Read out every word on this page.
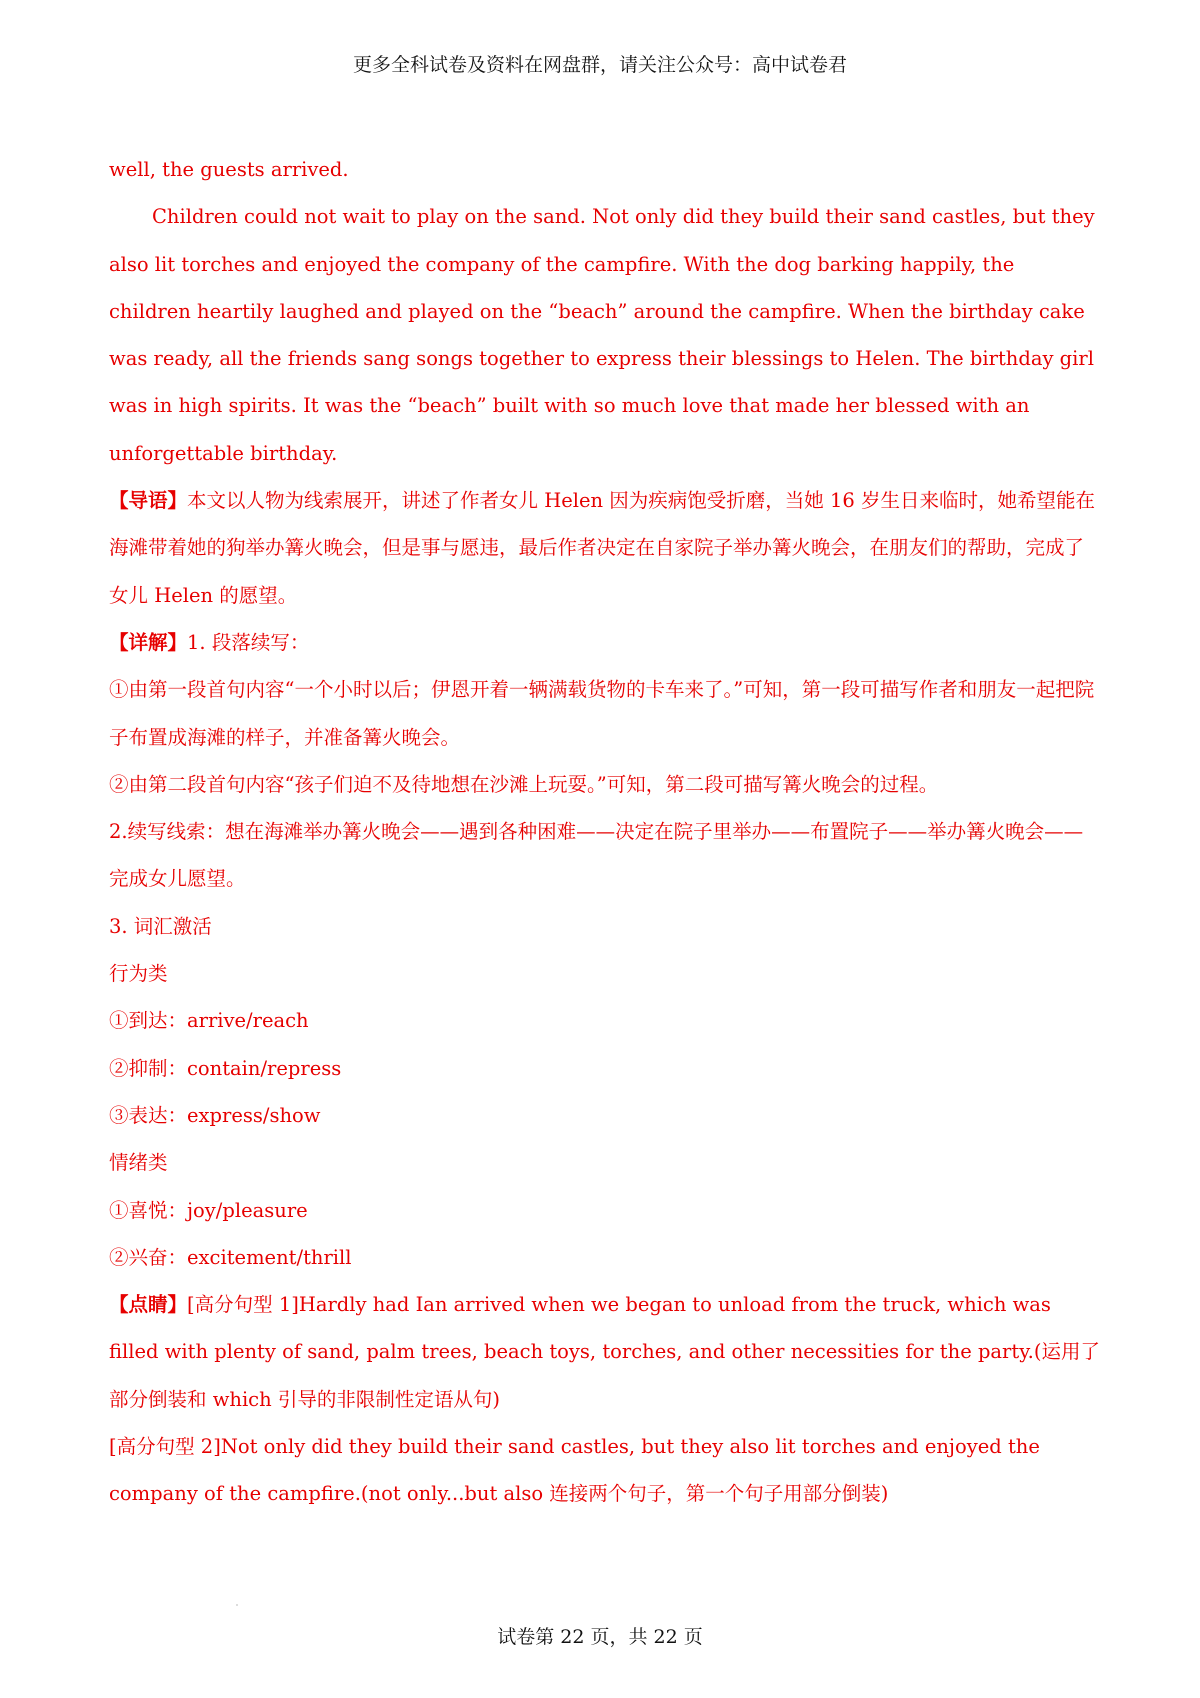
更多全科试卷及资料在网盘群，请关注公众号：高中试卷君

well, the guests arrived.

Children could not wait to play on the sand. Not only did they build their sand castles, but they also lit torches and enjoyed the company of the campfire. With the dog barking happily, the children heartily laughed and played on the “beach” around the campfire. When the birthday cake was ready, all the friends sang songs together to express their blessings to Helen. The birthday girl was in high spirits. It was the “beach” built with so much love that made her blessed with an unforgettable birthday.

【导语】本文以人物为线索展开，讲述了作者女儿 Helen 因为疾病饱受折磨，当她 16 岁生日来临时，她希望能在海滩带着她的狗举办篝火晚会，但是事与愿违，最后作者决定在自家院子举办篝火晚会，在朋友们的帮助，完成了女儿 Helen 的愿望。

【详解】1. 段落续写：

①由第一段首句内容“一个小时以后；伊恩开着一辆满载货物的卡车来了。”可知，第一段可描写作者和朋友一起把院子布置成海滩的样子，并准备篝火晚会。

②由第二段首句内容“孩子们迫不及待地想在沙滩上玩耍。”可知，第二段可描写篝火晚会的过程。

2.续写线索：想在海滩举办篝火晚会——遇到各种困难——决定在院子里举办——布置院子——举办篝火晚会——完成女儿愿望。

3. 词汇激活

行为类

①到达：arrive/reach

②抑制：contain/repress

③表达：express/show

情绪类

①喜悦：joy/pleasure

②兴奋：excitement/thrill

【点睛】[高分句型 1]Hardly had Ian arrived when we began to unload from the truck, which was filled with plenty of sand, palm trees, beach toys, torches, and other necessities for the party.(运用了部分倒装和 which 引导的非限制性定语从句)

[高分句型 2]Not only did they build their sand castles, but they also lit torches and enjoyed the company of the campfire.(not only...but also 连接两个句子，第一个句子用部分倒装)

试卷第 22 页，共 22 页
